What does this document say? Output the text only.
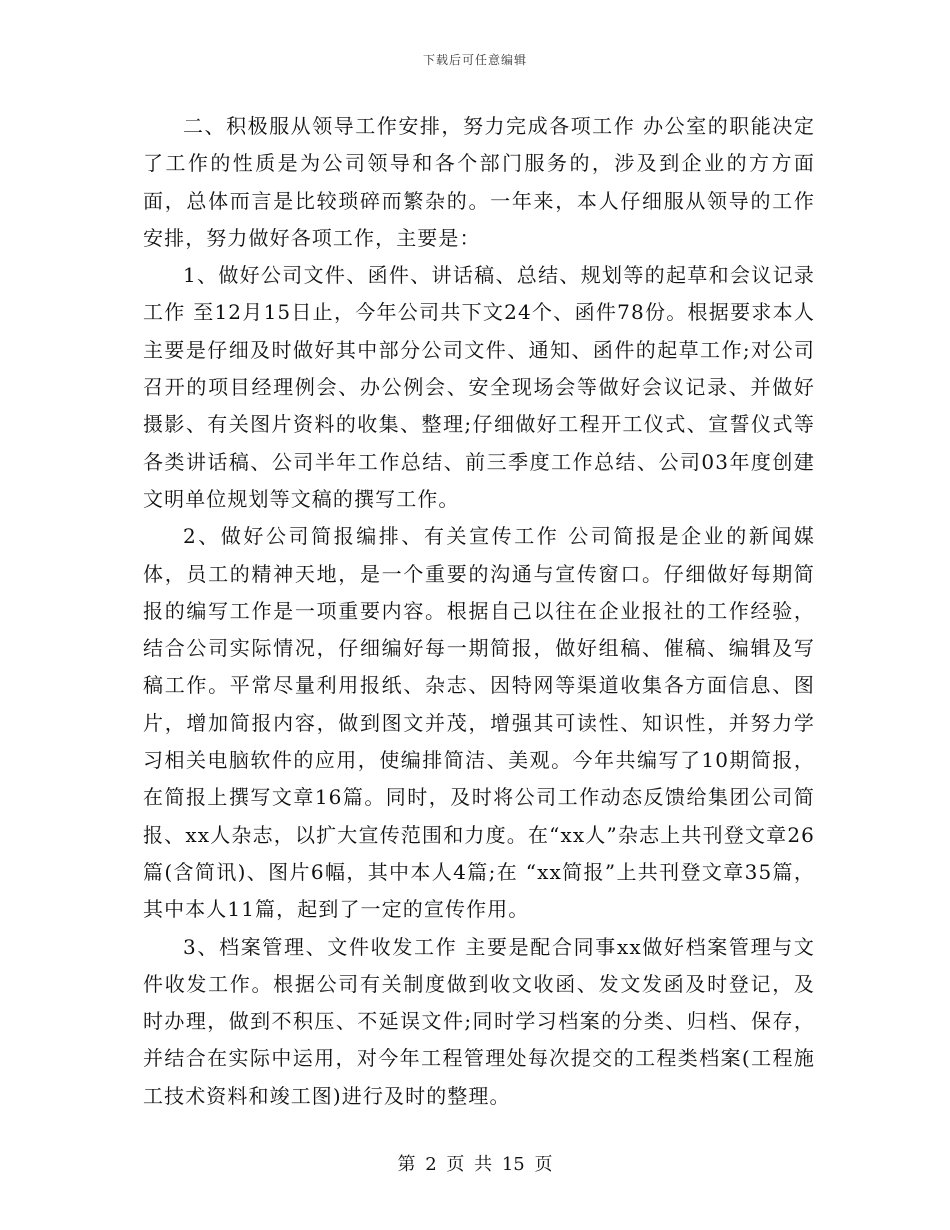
下载后可任意编辑

二、积极服从领导工作安排，努力完成各项工作 办公室的职能决定了工作的性质是为公司领导和各个部门服务的，涉及到企业的方方面面，总体而言是比较琐碎而繁杂的。一年来，本人仔细服从领导的工作安排，努力做好各项工作，主要是：

1、做好公司文件、函件、讲话稿、总结、规划等的起草和会议记录工作 至12月15日止，今年公司共下文24个、函件78份。根据要求本人主要是仔细及时做好其中部分公司文件、通知、函件的起草工作;对公司召开的项目经理例会、办公例会、安全现场会等做好会议记录、并做好摄影、有关图片资料的收集、整理;仔细做好工程开工仪式、宣誓仪式等各类讲话稿、公司半年工作总结、前三季度工作总结、公司03年度创建文明单位规划等文稿的撰写工作。

2、做好公司简报编排、有关宣传工作 公司简报是企业的新闻媒体，员工的精神天地，是一个重要的沟通与宣传窗口。仔细做好每期简报的编写工作是一项重要内容。根据自己以往在企业报社的工作经验，结合公司实际情况，仔细编好每一期简报，做好组稿、催稿、编辑及写稿工作。平常尽量利用报纸、杂志、因特网等渠道收集各方面信息、图片，增加简报内容，做到图文并茂，增强其可读性、知识性，并努力学习相关电脑软件的应用，使编排简洁、美观。今年共编写了10期简报，在简报上撰写文章16篇。同时，及时将公司工作动态反馈给集团公司简报、xx人杂志，以扩大宣传范围和力度。在“xx人”杂志上共刊登文章26篇(含简讯)、图片6幅，其中本人4篇;在 “xx简报”上共刊登文章35篇，其中本人11篇，起到了一定的宣传作用。

3、档案管理、文件收发工作 主要是配合同事xx做好档案管理与文件收发工作。根据公司有关制度做到收文收函、发文发函及时登记，及时办理，做到不积压、不延误文件;同时学习档案的分类、归档、保存，并结合在实际中运用，对今年工程管理处每次提交的工程类档案(工程施工技术资料和竣工图)进行及时的整理。

第 2 页 共 15 页
